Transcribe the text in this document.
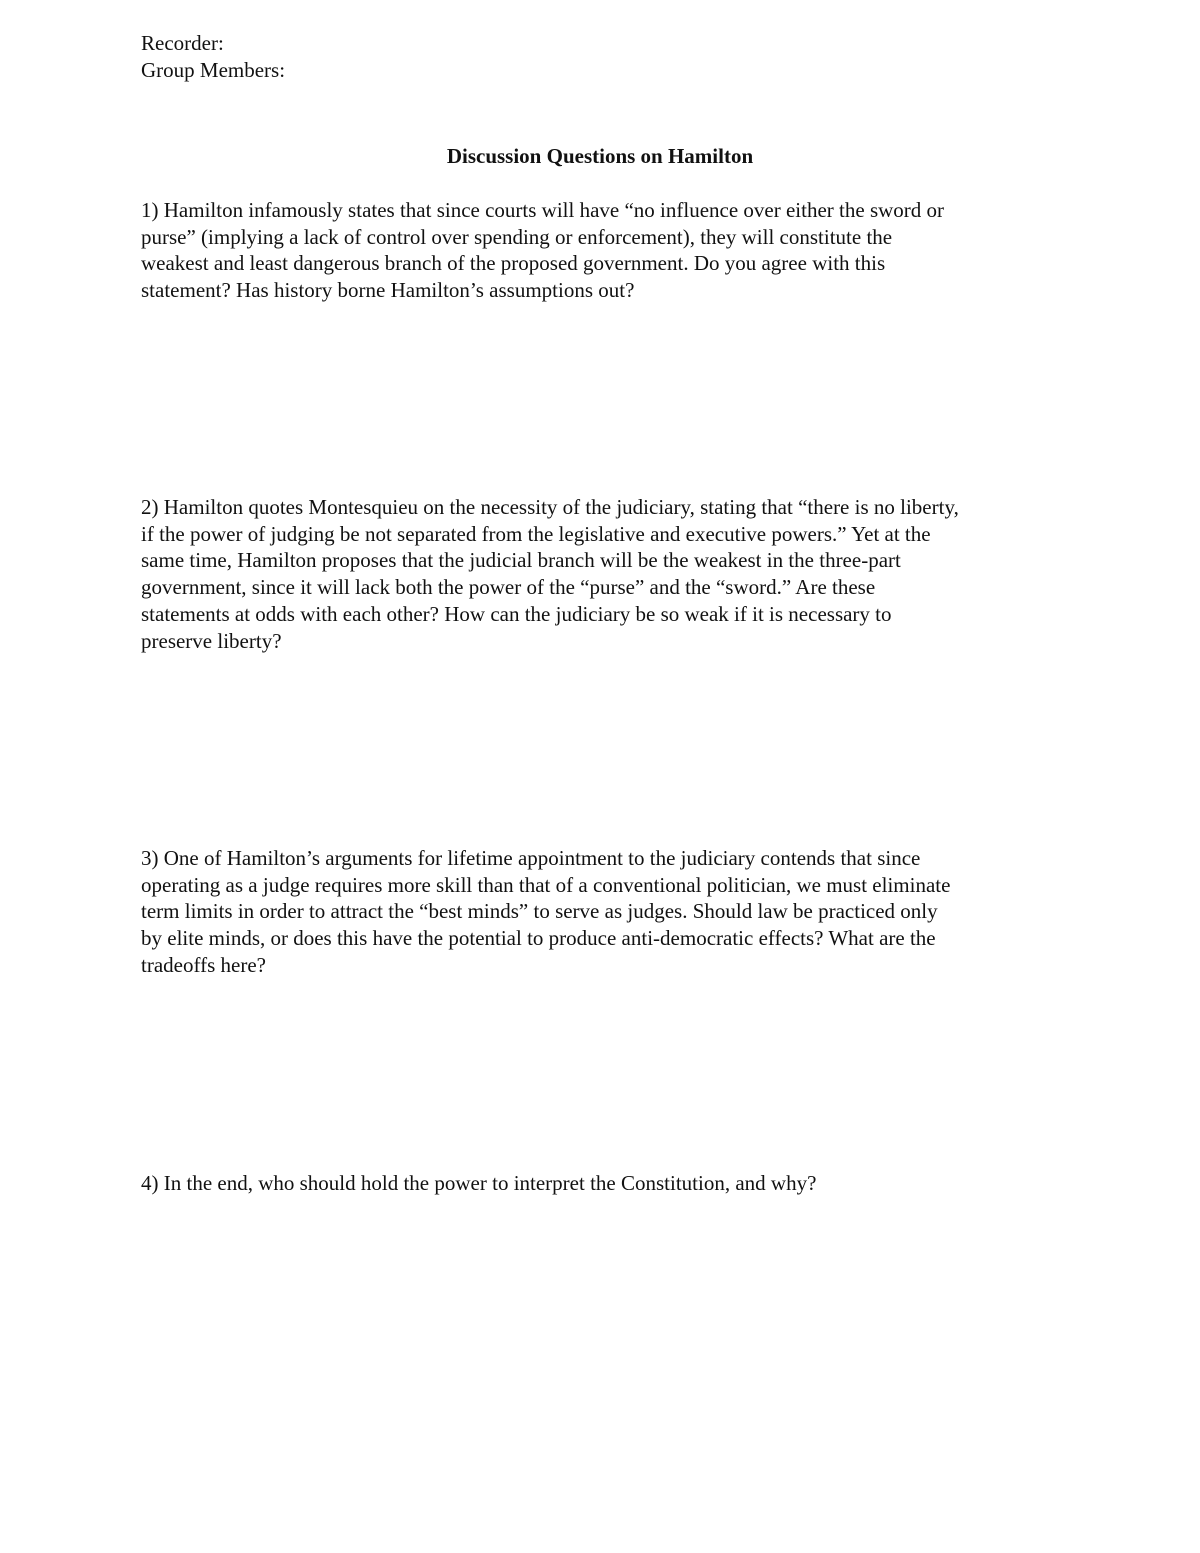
Recorder:
Group Members:
Discussion Questions on Hamilton

1) Hamilton infamously states that since courts will have “no influence over either the sword or

purse” (implying a lack of control over spending or enforcement), they will constitute the

weakest and least dangerous branch of the proposed government. Do you agree with this

statement? Has history borne Hamilton’s assumptions out?

2) Hamilton quotes Montesquieu on the necessity of the judiciary, stating that “there is no liberty,

if the power of judging be not separated from the legislative and executive powers.” Yet at the

same time, Hamilton proposes that the judicial branch will be the weakest in the three-part

government, since it will lack both the power of the “purse” and the “sword.” Are these

statements at odds with each other? How can the judiciary be so weak if it is necessary to

preserve liberty?

3) One of Hamilton’s arguments for lifetime appointment to the judiciary contends that since

operating as a judge requires more skill than that of a conventional politician, we must eliminate

term limits in order to attract the “best minds” to serve as judges. Should law be practiced only

by elite minds, or does this have the potential to produce anti-democratic effects? What are the

tradeoffs here?

4) In the end, who should hold the power to interpret the Constitution, and why?
